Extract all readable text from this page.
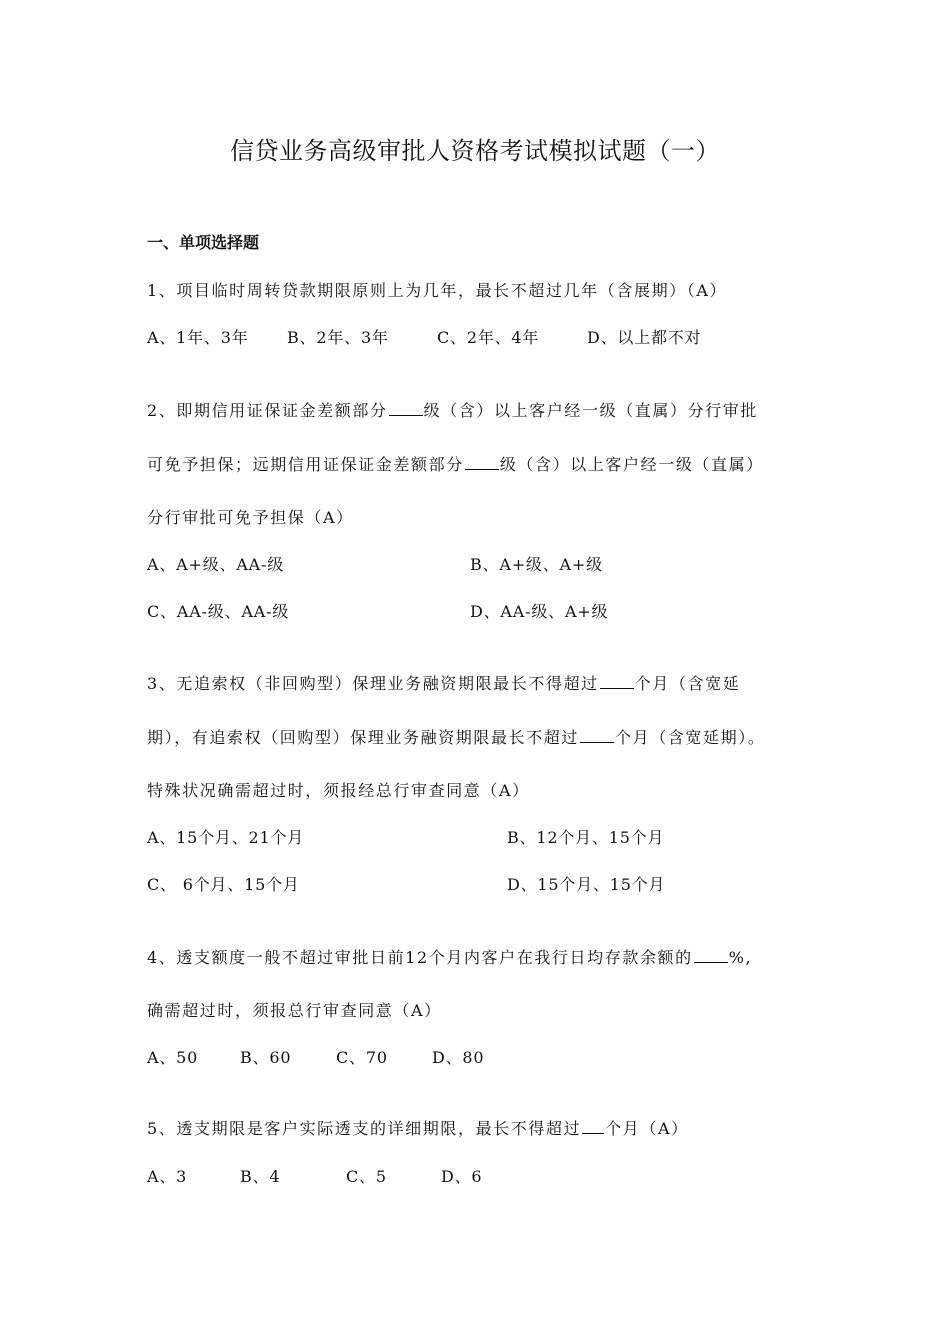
信贷业务高级审批人资格考试模拟试题（一）
一、单项选择题
1、项目临时周转贷款期限原则上为几年，最长不超过几年（含展期）（A）
A、1年、3年 B、2年、3年	C、2年、4年	D、以上都不对
2、即期信用证保证金差额部分 级（含）以上客户经一级（直属）分行审批
可免予担保；远期信用证保证金差额部分 级（含）以上客户经一级（直属）
分行审批可免予担保（A）
A、A+级、AA-级	B、A+级、A+级
C、AA-级、AA-级	D、AA-级、A+级
3、无追索权（非回购型）保理业务融资期限最长不得超过 个月（含宽延
期），有追索权（回购型）保理业务融资期限最长不超过 个月（含宽延期）。
特殊状况确需超过时，须报经总行审查同意（A）
A、15个月、21个月	B、12个月、15个月
C、 6个月、15个月	D、15个月、15个月
4、透支额度一般不超过审批日前12个月内客户在我行日均存款余额的 %,
确需超过时，须报总行审查同意（A）
A、50	B、60	C、70	D、80
5、透支期限是客户实际透支的详细期限，最长不得超过 个月（A）
A、3	B、4	C、5	D、6
